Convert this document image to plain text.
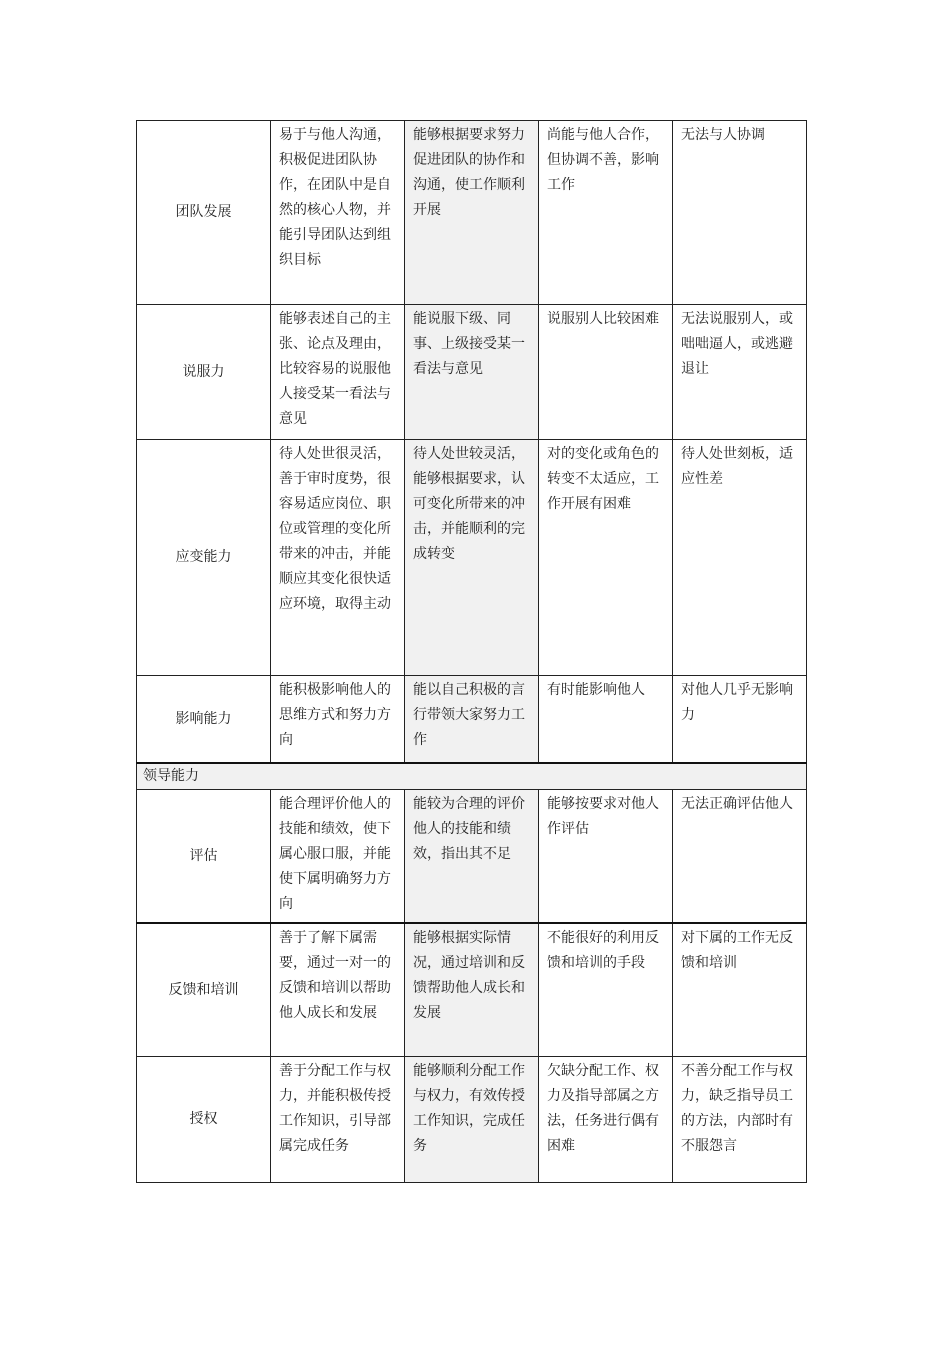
团队发展	易于与他人沟通，积极促进团队协作，在团队中是自然的核心人物，并能引导团队达到组织目标	能够根据要求努力促进团队的协作和沟通，使工作顺利开展	尚能与他人合作，但协调不善，影响工作	无法与人协调
说服力	能够表述自己的主张、论点及理由，比较容易的说服他人接受某一看法与意见	能说服下级、同事、上级接受某一看法与意见	说服别人比较困难	无法说服别人，或咄咄逼人，或逃避退让
应变能力	待人处世很灵活，善于审时度势，很容易适应岗位、职位或管理的变化所带来的冲击，并能顺应其变化很快适应环境，取得主动	待人处世较灵活，能够根据要求，认可变化所带来的冲击，并能顺利的完成转变	对的变化或角色的转变不太适应，工作开展有困难	待人处世刻板，适应性差
影响能力	能积极影响他人的思维方式和努力方向	能以自己积极的言行带领大家努力工作	有时能影响他人	对他人几乎无影响力
领导能力				
评估	能合理评价他人的技能和绩效，使下属心服口服，并能使下属明确努力方向	能较为合理的评价他人的技能和绩效，指出其不足	能够按要求对他人作评估	无法正确评估他人
反馈和培训	善于了解下属需要，通过一对一的反馈和培训以帮助他人成长和发展	能够根据实际情况，通过培训和反馈帮助他人成长和发展	不能很好的利用反馈和培训的手段	对下属的工作无反馈和培训
授权	善于分配工作与权力，并能积极传授工作知识，引导部属完成任务	能够顺利分配工作与权力，有效传授工作知识，完成任务	欠缺分配工作、权力及指导部属之方法，任务进行偶有困难	不善分配工作与权力，缺乏指导员工的方法，内部时有不服怨言
